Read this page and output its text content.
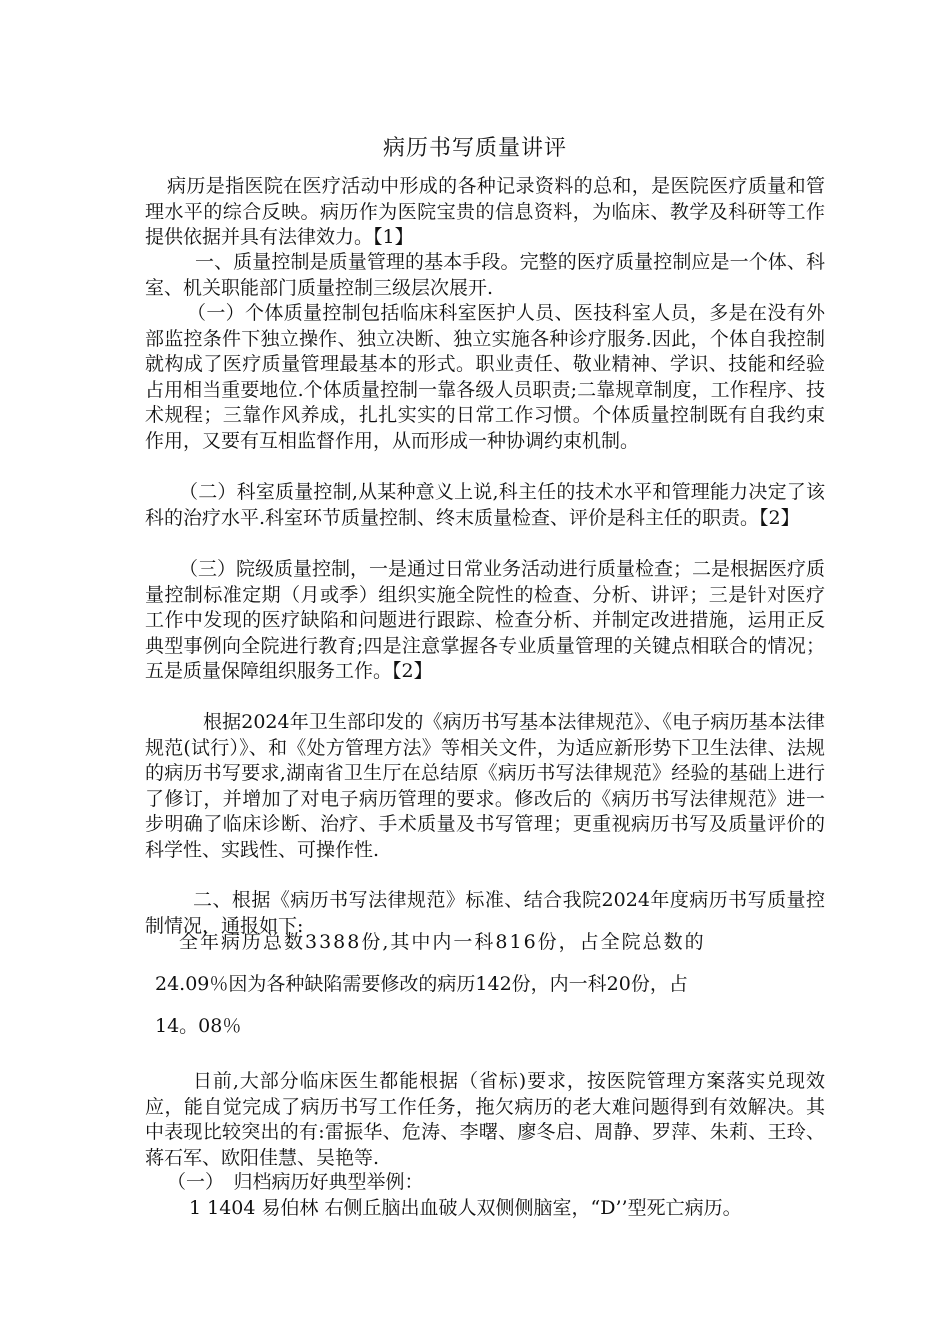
病历书写质量讲评

病历是指医院在医疗活动中形成的各种记录资料的总和，是医院医疗质量和管理水平的综合反映。病历作为医院宝贵的信息资料，为临床、教学及科研等工作提供依据并具有法律效力。【1】

一、质量控制是质量管理的基本手段。完整的医疗质量控制应是一个体、科室、机关职能部门质量控制三级层次展开.

（一）个体质量控制包括临床科室医护人员、医技科室人员，多是在没有外部监控条件下独立操作、独立决断、独立实施各种诊疗服务.因此，个体自我控制就构成了医疗质量管理最基本的形式。职业责任、敬业精神、学识、技能和经验占用相当重要地位.个体质量控制一靠各级人员职责;二靠规章制度，工作程序、技术规程；三靠作风养成，扎扎实实的日常工作习惯。个体质量控制既有自我约束作用，又要有互相监督作用，从而形成一种协调约束机制。

（二）科室质量控制,从某种意义上说,科主任的技术水平和管理能力决定了该科的治疗水平.科室环节质量控制、终末质量检查、评价是科主任的职责。【2】

（三）院级质量控制，一是通过日常业务活动进行质量检查；二是根据医疗质量控制标准定期（月或季）组织实施全院性的检查、分析、讲评；三是针对医疗工作中发现的医疗缺陷和问题进行跟踪、检查分析、并制定改进措施，运用正反典型事例向全院进行教育;四是注意掌握各专业质量管理的关键点相联合的情况；五是质量保障组织服务工作。【2】

根据2024年卫生部印发的《病历书写基本法律规范》、《电子病历基本法律规范(试行）》、和《处方管理方法》等相关文件，为适应新形势下卫生法律、法规的病历书写要求,湖南省卫生厅在总结原《病历书写法律规范》经验的基础上进行了修订，并增加了对电子病历管理的要求。修改后的《病历书写法律规范》进一步明确了临床诊断、治疗、手术质量及书写管理；更重视病历书写及质量评价的科学性、实践性、可操作性.

二、根据《病历书写法律规范》标准、结合我院2024年度病历书写质量控制情况，通报如下:

全年病历总数3388份,其中内一科816份，占全院总数的
24.09％因为各种缺陷需要修改的病历142份，内一科20份，占
14。08％

日前,大部分临床医生都能根据（省标)要求，按医院管理方案落实兑现效应，能自觉完成了病历书写工作任务，拖欠病历的老大难问题得到有效解决。其中表现比较突出的有:雷振华、危涛、李曙、廖冬启、周静、罗萍、朱莉、王玲、蒋石军、欧阳佳慧、吴艳等.

（一）　归档病历好典型举例：

1 1404 易伯林 右侧丘脑出血破人双侧侧脑室，“D’’型死亡病历。
